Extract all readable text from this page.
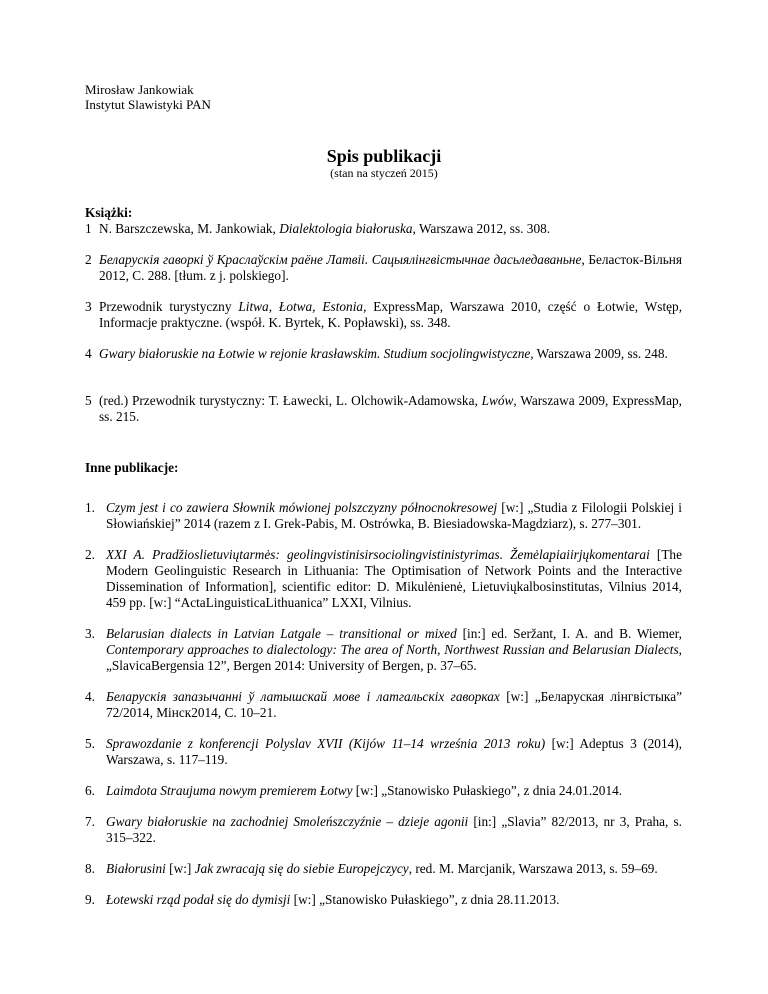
Mirosław Jankowiak
Instytut Slawistyki PAN
Spis publikacji
(stan na styczeń 2015)
Książki:
1 N. Barszczewska, M. Jankowiak, Dialektologia białoruska, Warszawa 2012, ss. 308.
2 Беларускія гаворкі ў Краслаўскім раёне Латвіі. Сацыялінгвістычнае дасьледаваньне, Беласток-Вільня 2012, С. 288. [tłum. z j. polskiego].
3 Przewodnik turystyczny Litwa, Łotwa, Estonia, ExpressMap, Warszawa 2010, część o Łotwie, Wstęp, Informacje praktyczne. (współ. K. Byrtek, K. Popławski), ss. 348.
4 Gwary białoruskie na Łotwie w rejonie krasławskim. Studium socjolingwistyczne, Warszawa 2009, ss. 248.
5 (red.) Przewodnik turystyczny: T. Ławecki, L. Olchowik-Adamowska, Lwów, Warszawa 2009, ExpressMap, ss. 215.
Inne publikacje:
1. Czym jest i co zawiera Słownik mówionej polszczyzny północnokresowej [w:] „Studia z Filologii Polskiej i Słowiańskiej” 2014 (razem z I. Grek-Pabis, M. Ostrówka, B. Biesiadowska-Magdziarz), s. 277–301.
2. XXI A. Pradžioslietuviųtarmės: geolingvistinisirsociolingvistinistyrimas. Žemėlapiaiirjųkomentarai [The Modern Geolinguistic Research in Lithuania: The Optimisation of Network Points and the Interactive Dissemination of Information], scientific editor: D. Mikulėnienė, Lietuviųkalbosinstitutas, Vilnius 2014, 459 pp. [w:] “ActaLinguisticaLithuanica” LXXI, Vilnius.
3. Belarusian dialects in Latvian Latgale – transitional or mixed [in:] ed. Seržant, I. A. and B. Wiemer, Contemporary approaches to dialectology: The area of North, Northwest Russian and Belarusian Dialects, „SlavicaBergensia 12”, Bergen 2014: University of Bergen, p. 37–65.
4. Беларускія запазычанні ў латышскай мове і латгальскіх гаворках [w:] „Беларуская лінгвістыка” 72/2014, Мінск2014, С. 10–21.
5. Sprawozdanie z konferencji Polyslav XVII (Kijów 11–14 września 2013 roku) [w:] Adeptus 3 (2014), Warszawa, s. 117–119.
6. Laimdota Straujuma nowym premierem Łotwy [w:] „Stanowisko Pułaskiego”, z dnia 24.01.2014.
7. Gwary białoruskie na zachodniej Smoleńszczyźnie – dzieje agonii [in:] „Slavia” 82/2013, nr 3, Praha, s. 315–322.
8. Białorusini [w:] Jak zwracają się do siebie Europejczycy, red. M. Marcjanik, Warszawa 2013, s. 59–69.
9. Łotewski rząd podał się do dymisji [w:] „Stanowisko Pułaskiego”, z dnia 28.11.2013.
